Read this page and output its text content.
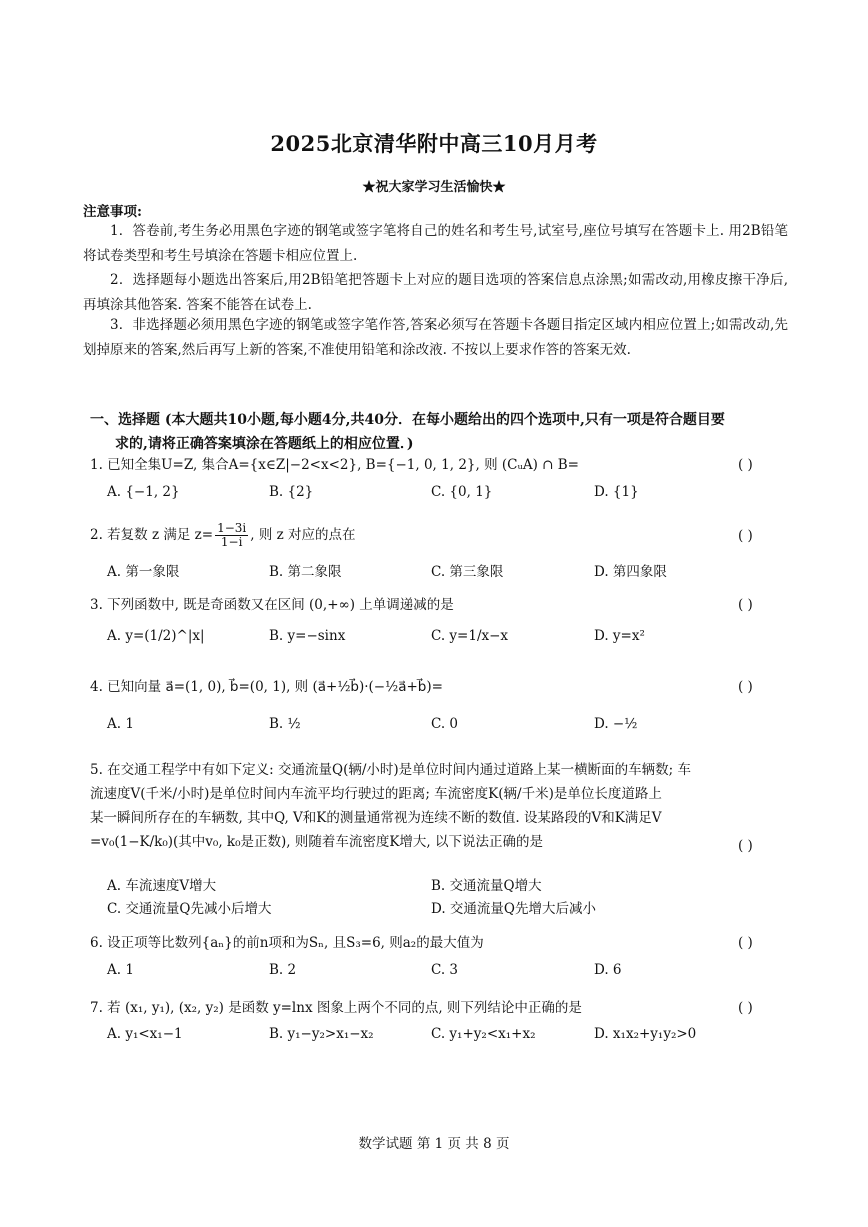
2025北京清华附中高三10月月考
★祝大家学习生活愉快★
注意事项:
1．答卷前,考生务必用黑色字迹的钢笔或签字笔将自己的姓名和考生号,试室号,座位号填写在答题卡上. 用2B铅笔将试卷类型和考生号填涂在答题卡相应位置上.
2．选择题每小题选出答案后,用2B铅笔把答题卡上对应的题目选项的答案信息点涂黑;如需改动,用橡皮擦干净后,再填涂其他答案. 答案不能答在试卷上.
3．非选择题必须用黑色字迹的钢笔或签字笔作答,答案必须写在答题卡各题目指定区域内相应位置上;如需改动,先划掉原来的答案,然后再写上新的答案,不准使用铅笔和涂改液. 不按以上要求作答的答案无效.
一、选择题 (本大题共10小题,每小题4分,共40分．在每小题给出的四个选项中,只有一项是符合题目要
求的,请将正确答案填涂在答题纸上的相应位置．)
1. 已知全集U=Z, 集合A={x∈Z|−2<x<2}, B={−1, 0, 1, 2}, 则 (CᵤA) ∩ B=	( )
A. {−1, 2}	B. {2}	C. {0, 1}	D. {1}
2. 若复数 z 满足 $z= \frac{1-3i}{1-i}$ , 则 z 对应的点在	( )
A. 第一象限	B. 第二象限	C. 第三象限	D. 第四象限
3. 下列函数中, 既是奇函数又在区间 (0,+∞) 上单调递减的是	( )
A. y=(1/2)^|x|	B. y=−sinx	C. y=1/x−x	D. y=x²
4. 已知向量 a⃗=(1, 0), b⃗=(0, 1), 则 (a⃗+½b⃗)·(−½a⃗+b⃗)=	( )
A. 1	B. ½	C. 0	D. −½
5. 在交通工程学中有如下定义: 交通流量Q(辆/小时)是单位时间内通过道路上某一横断面的车辆数; 车
流速度V(千米/小时)是单位时间内车流平均行驶过的距离; 车流密度K(辆/千米)是单位长度道路上
某一瞬间所存在的车辆数, 其中Q, V和K的测量通常视为连续不断的数值. 设某路段的V和K满足V
=v₀(1−K/k₀)(其中v₀, k₀是正数), 则随着车流密度K增大, 以下说法正确的是	( )
A. 车流速度V增大	B. 交通流量Q增大
C. 交通流量Q先减小后增大	D. 交通流量Q先增大后减小
6. 设正项等比数列{aₙ}的前n项和为Sₙ, 且S₃=6, 则a₂的最大值为	( )
A. 1	B. 2	C. 3	D. 6
7. 若 (x₁, y₁), (x₂, y₂) 是函数 y=lnx 图象上两个不同的点, 则下列结论中正确的是	( )
A. y₁<x₁−1	B. y₁−y₂>x₁−x₂	C. y₁+y₂<x₁+x₂	D. x₁x₂+y₁y₂>0
数学试题 第 1 页 共 8 页
